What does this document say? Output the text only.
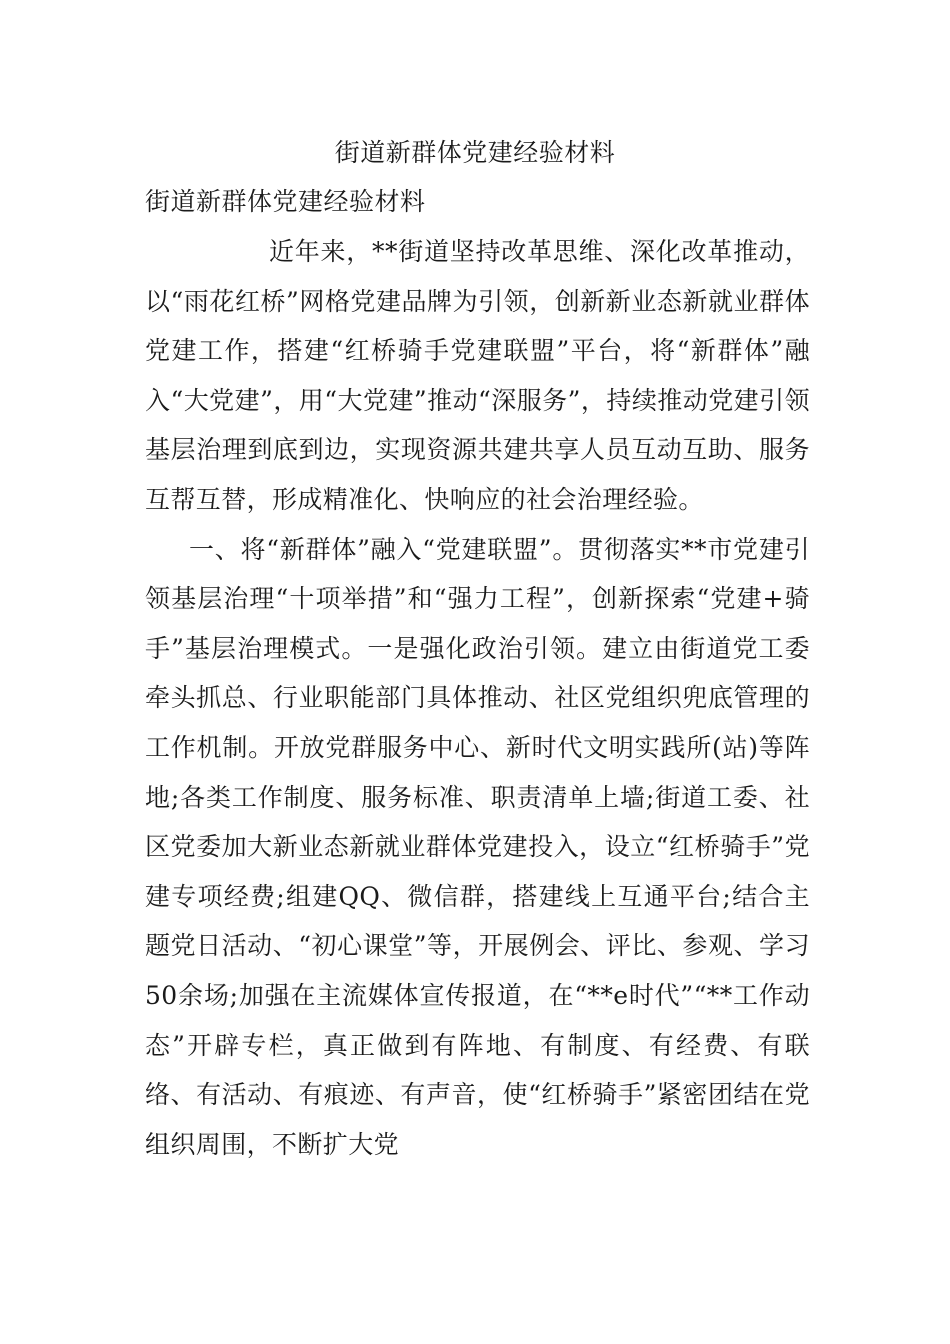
街道新群体党建经验材料
街道新群体党建经验材料

近年来，**街道坚持改革思维、深化改革推动，以“雨花红桥”网格党建品牌为引领，创新新业态新就业群体党建工作，搭建“红桥骑手党建联盟”平台，将“新群体”融入“大党建”，用“大党建”推动“深服务”，持续推动党建引领基层治理到底到边，实现资源共建共享人员互动互助、服务互帮互替，形成精准化、快响应的社会治理经验。

一、将“新群体”融入“党建联盟”。贯彻落实**市党建引领基层治理“十项举措”和“强力工程”，创新探索“党建+骑手”基层治理模式。一是强化政治引领。建立由街道党工委牵头抓总、行业职能部门具体推动、社区党组织兜底管理的工作机制。开放党群服务中心、新时代文明实践所(站)等阵地;各类工作制度、服务标准、职责清单上墙;街道工委、社区党委加大新业态新就业群体党建投入，设立“红桥骑手”党建专项经费;组建QQ、微信群，搭建线上互通平台;结合主题党日活动、“初心课堂”等，开展例会、评比、参观、学习50余场;加强在主流媒体宣传报道，在“**e时代”“**工作动态”开辟专栏，真正做到有阵地、有制度、有经费、有联络、有活动、有痕迹、有声音，使“红桥骑手”紧密团结在党组织周围，不断扩大党
